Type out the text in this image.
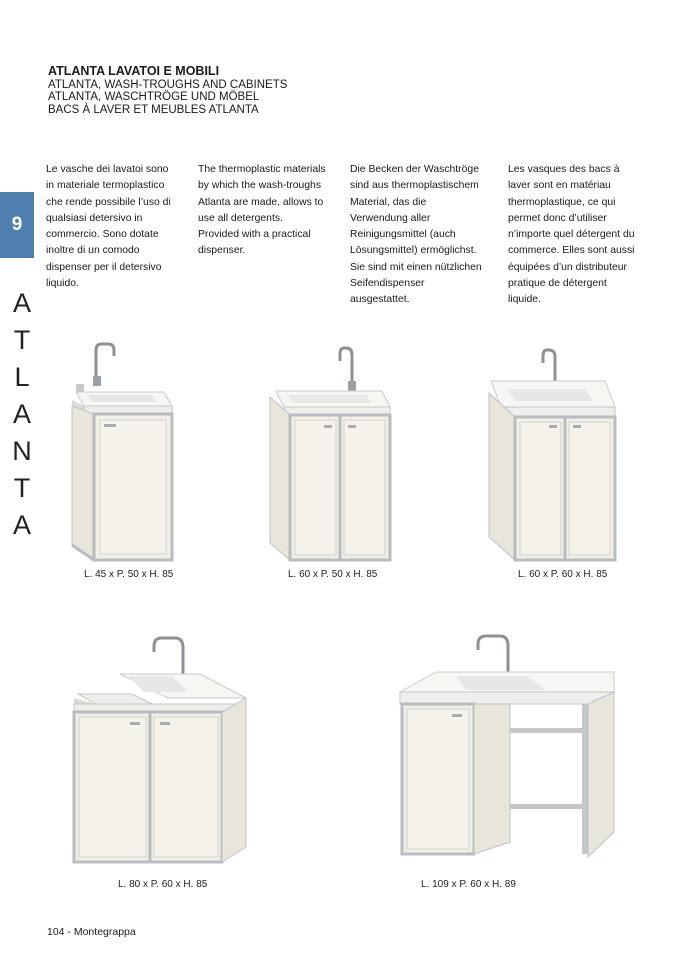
9
A
T
L
A
N
T
A
ATLANTA LAVATOI E MOBILI
ATLANTA, WASH-TROUGHS AND CABINETS
ATLANTA, WASCHTRÖGE UND MÖBEL
BACS À LAVER ET MEUBLES ATLANTA
Le vasche dei lavatoi sono
in materiale termoplastico
che rende possibile l’uso di
qualsiasi detersivo in
commercio. Sono dotate
inoltre di un comodo
dispenser per il detersivo
liquido.
The thermoplastic materials
by which the wash-troughs
Atlanta are made, allows to
use all detergents.
Provided with a practical
dispenser.
Die Becken der Waschtröge
sind aus thermoplastischem
Material, das die
Verwendung aller
Reinigungsmittel (auch
Lösungsmittel) ermöglichst.
Sie sind mit einen nützlichen
Seifendispenser
ausgestattet.
Les vasques des bacs à
laver sont en matériau
thermoplastique, ce qui
permet donc d’utiliser
n’importe quel détergent du
commerce. Elles sont aussi
équipées d’un distributeur
pratique de détergent
liquide.
L. 45 x P. 50 x H. 85	L. 60 x P. 50 x H. 85	L. 60 x P. 60 x H. 85
L. 80 x P. 60 x H. 85	L. 109 x P. 60 x H. 89
104 - Montegrappa
